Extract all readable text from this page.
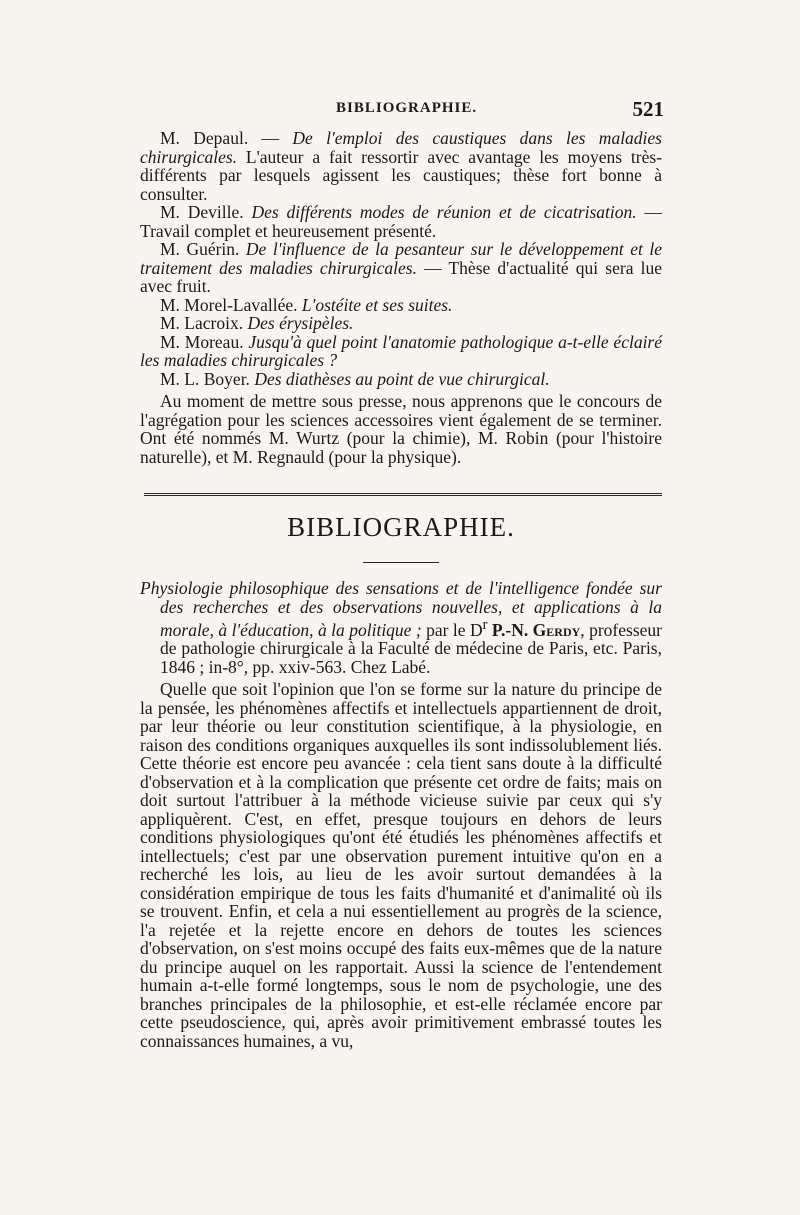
BIBLIOGRAPHIE.	521

M. Depaul. — De l'emploi des caustiques dans les maladies chirurgicales. L'auteur a fait ressortir avec avantage les moyens très-différents par lesquels agissent les caustiques; thèse fort bonne à consulter.

M. Deville. Des différents modes de réunion et de cicatrisation. — Travail complet et heureusement présenté.

M. Guérin. De l'influence de la pesanteur sur le développement et le traitement des maladies chirurgicales. — Thèse d'actualité qui sera lue avec fruit.

M. Morel-Lavallée. L'ostéite et ses suites.

M. Lacroix. Des érysipèles.

M. Moreau. Jusqu'à quel point l'anatomie pathologique a-t-elle éclairé les maladies chirurgicales ?

M. L. Boyer. Des diathèses au point de vue chirurgical.

Au moment de mettre sous presse, nous apprenons que le concours de l'agrégation pour les sciences accessoires vient également de se terminer. Ont été nommés M. Wurtz (pour la chimie), M. Robin (pour l'histoire naturelle), et M. Regnauld (pour la physique).

BIBLIOGRAPHIE.

Physiologie philosophique des sensations et de l'intelligence fondée sur des recherches et des observations nouvelles, et applications à la morale, à l'éducation, à la politique ; par le $D^r$ P.-N. Gerdy, professeur de pathologie chirurgicale à la Faculté de médecine de Paris, etc. Paris, 1846 ; in-8°, pp. xxiv-563. Chez Labé.

Quelle que soit l'opinion que l'on se forme sur la nature du principe de la pensée, les phénomènes affectifs et intellectuels appartiennent de droit, par leur théorie ou leur constitution scientifique, à la physiologie, en raison des conditions organiques auxquelles ils sont indissolublement liés. Cette théorie est encore peu avancée : cela tient sans doute à la difficulté d'observation et à la complication que présente cet ordre de faits; mais on doit surtout l'attribuer à la méthode vicieuse suivie par ceux qui s'y appliquèrent. C'est, en effet, presque toujours en dehors de leurs conditions physiologiques qu'ont été étudiés les phénomènes affectifs et intellectuels; c'est par une observation purement intuitive qu'on en a recherché les lois, au lieu de les avoir surtout demandées à la considération empirique de tous les faits d'humanité et d'animalité où ils se trouvent. Enfin, et cela a nui essentiellement au progrès de la science, l'a rejetée et la rejette encore en dehors de toutes les sciences d'observation, on s'est moins occupé des faits eux-mêmes que de la nature du principe auquel on les rapportait. Aussi la science de l'entendement humain a-t-elle formé longtemps, sous le nom de psychologie, une des branches principales de la philosophie, et est-elle réclamée encore par cette pseudoscience, qui, après avoir primitivement embrassé toutes les connaissances humaines, a vu,
